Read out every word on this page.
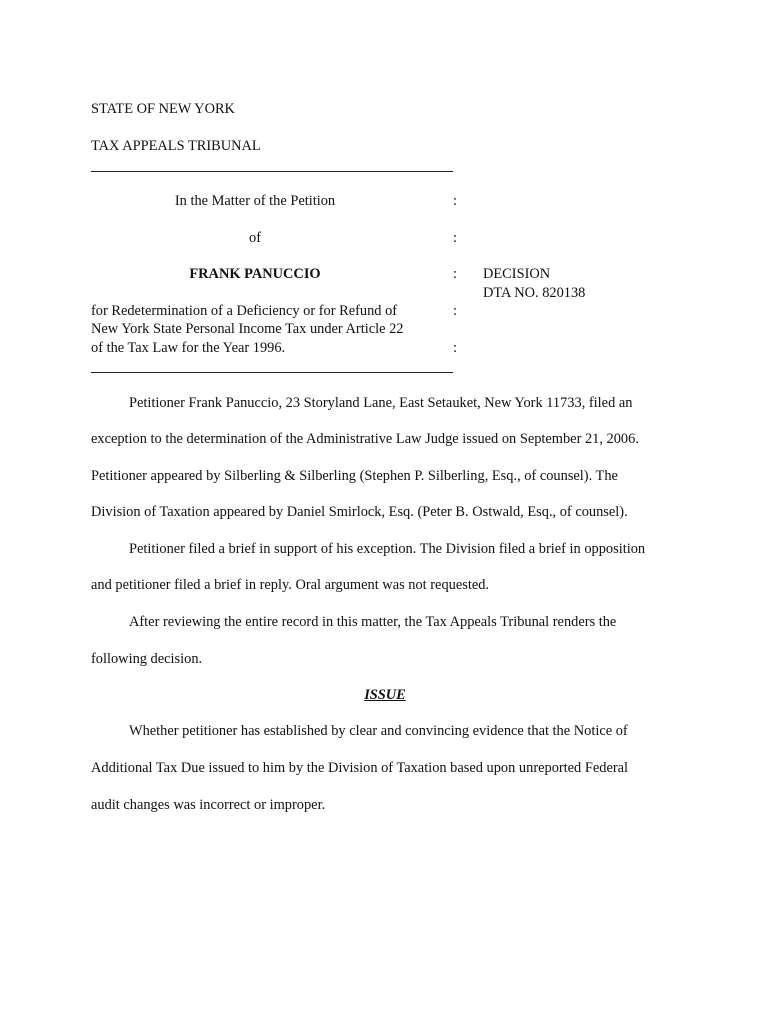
STATE OF NEW YORK
TAX APPEALS TRIBUNAL
In the Matter of the Petition	:
of	:
FRANK PANUCCIO	: DECISION
DTA NO. 820138
for Redetermination of a Deficiency or for Refund of	:
New York State Personal Income Tax under Article 22
of the Tax Law for the Year 1996.	:
Petitioner Frank Panuccio, 23 Storyland Lane, East Setauket, New York 11733, filed an
exception to the determination of the Administrative Law Judge issued on September 21, 2006.
Petitioner appeared by Silberling & Silberling (Stephen P. Silberling, Esq., of counsel). The
Division of Taxation appeared by Daniel Smirlock, Esq. (Peter B. Ostwald, Esq., of counsel).
Petitioner filed a brief in support of his exception. The Division filed a brief in opposition
and petitioner filed a brief in reply. Oral argument was not requested.
After reviewing the entire record in this matter, the Tax Appeals Tribunal renders the
following decision.
ISSUE
Whether petitioner has established by clear and convincing evidence that the Notice of
Additional Tax Due issued to him by the Division of Taxation based upon unreported Federal
audit changes was incorrect or improper.
